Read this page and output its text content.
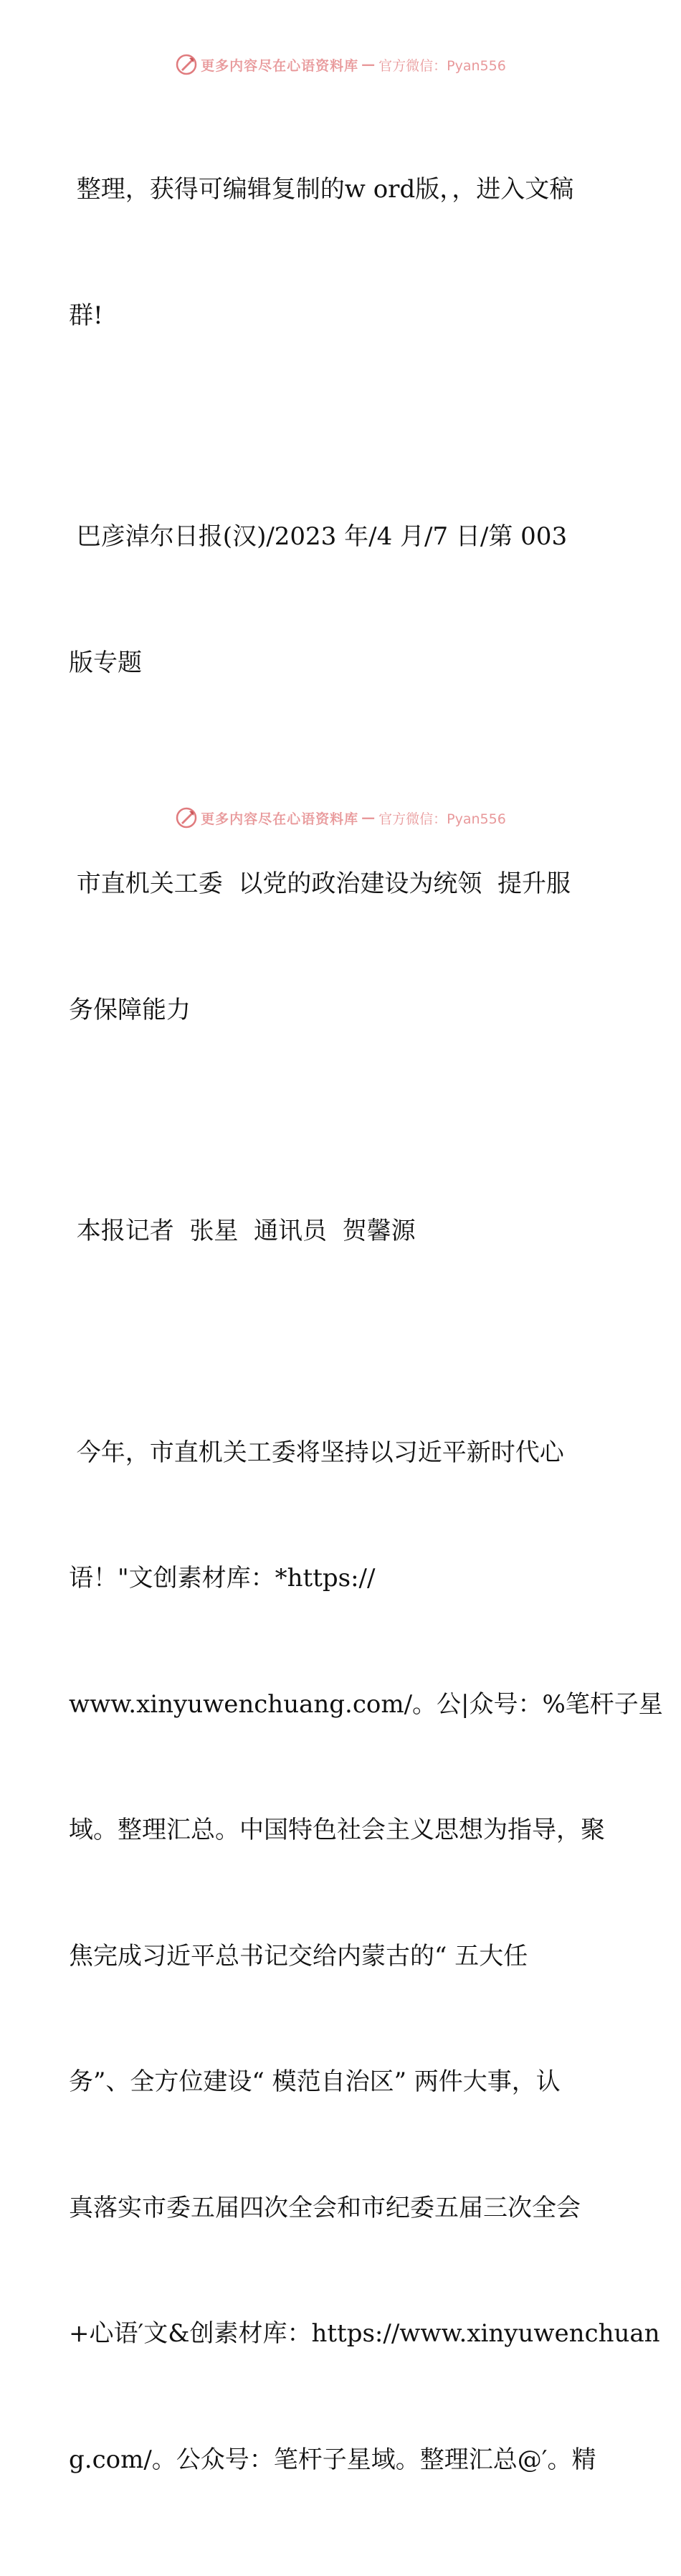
更多内容尽在心语资料库 — 官方微信：Pyan556

整理，获得可编辑复制的w ord版，，进入文稿

群!

巴彦淖尔日报(汉)/2023 年/4 月/7 日/第 003

版专题

市直机关工委  以党的政治建设为统领  提升服

务保障能力

本报记者  张星  通讯员  贺馨源

今年，市直机关工委将坚持以习近平新时代心

语！"文创素材库：*https://

www.xinyuwenchuang.com/。公|众号：%笔杆子星

域。整理汇总。中国特色社会主义思想为指导，聚

焦完成习近平总书记交给内蒙古的“ 五大任

务”、全方位建设“ 模范自治区” 两件大事，认

真落实市委五届四次全会和市纪委五届三次全会

+心语′文&创素材库：https://www.xinyuwenchuan

g.com/。公众号：笔杆子星域。整理汇总@′。精

更多内容尽在心语资料库 — 官方微信：Pyan556
